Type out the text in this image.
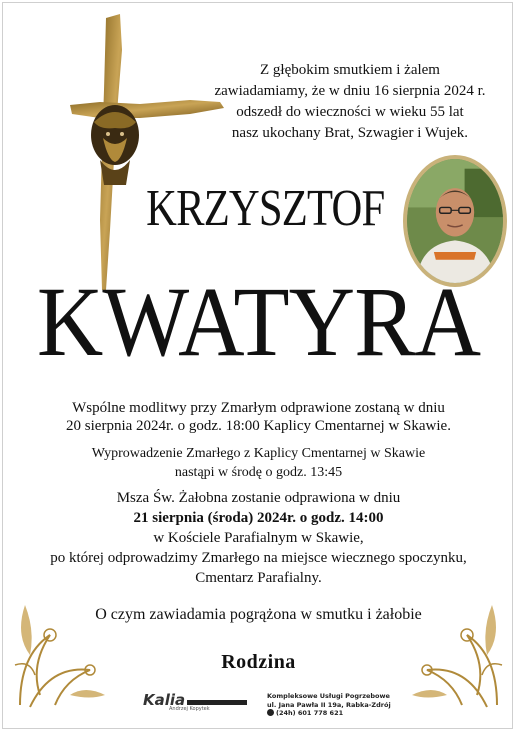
Z głębokim smutkiem i żalem
zawiadamiamy, że w dniu 16 sierpnia 2024 r.
odszedł do wieczności w wieku 55 lat
nasz ukochany Brat, Szwagier i Wujek.
KRZYSZTOF
KWATYRA
Wspólne modlitwy przy Zmarłym odprawione zostaną w dniu
20 sierpnia 2024r. o godz. 18:00 Kaplicy Cmentarnej w Skawie.
Wyprowadzenie Zmarłego z Kaplicy Cmentarnej w Skawie
nastąpi w środę o godz. 13:45
Msza Św. Żałobna zostanie odprawiona w dniu
21 sierpnia (środa) 2024r. o godz. 14:00
w Kościele Parafialnym w Skawie,
po której odprowadzimy Zmarłego na miejsce wiecznego spoczynku,
Cmentarz Parafialny.
O czym zawiadamia pogrążona w smutku i żałobie
Rodzina
Kalia
Andrzej Kopytek
Kompleksowe Usługi Pogrzebowe
ul. Jana Pawła II 19a, Rabka-Zdrój
(24h) 601 778 621
